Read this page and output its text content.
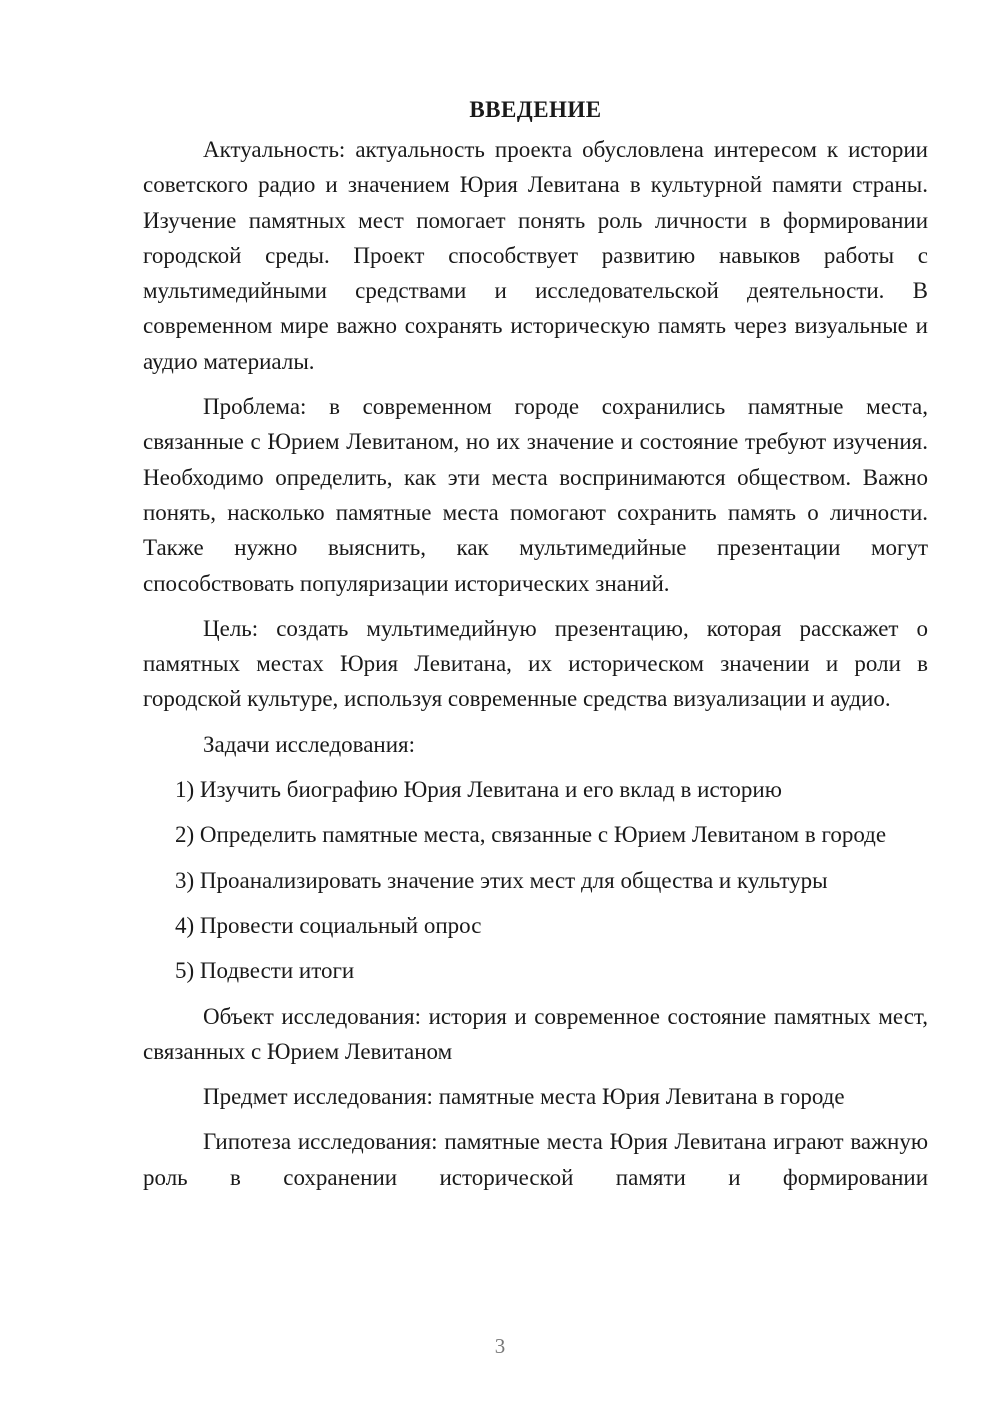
ВВЕДЕНИЕ

Актуальность: актуальность проекта обусловлена интересом к истории советского радио и значением Юрия Левитана в культурной памяти страны. Изучение памятных мест помогает понять роль личности в формировании городской среды. Проект способствует развитию навыков работы с мультимедийными средствами и исследовательской деятельности. В современном мире важно сохранять историческую память через визуальные и аудио материалы.

Проблема: в современном городе сохранились памятные места, связанные с Юрием Левитаном, но их значение и состояние требуют изучения. Необходимо определить, как эти места воспринимаются обществом. Важно понять, насколько памятные места помогают сохранить память о личности. Также нужно выяснить, как мультимедийные презентации могут способствовать популяризации исторических знаний.

Цель: создать мультимедийную презентацию, которая расскажет о памятных местах Юрия Левитана, их историческом значении и роли в городской культуре, используя современные средства визуализации и аудио.

Задачи исследования:

1) Изучить биографию Юрия Левитана и его вклад в историю

2) Определить памятные места, связанные с Юрием Левитаном в городе

3) Проанализировать значение этих мест для общества и культуры

4) Провести социальный опрос

5) Подвести итоги

Объект исследования: история и современное состояние памятных мест, связанных с Юрием Левитаном

Предмет исследования: памятные места Юрия Левитана в городе

Гипотеза исследования: памятные места Юрия Левитана играют важную роль в сохранении исторической памяти и формировании

3
